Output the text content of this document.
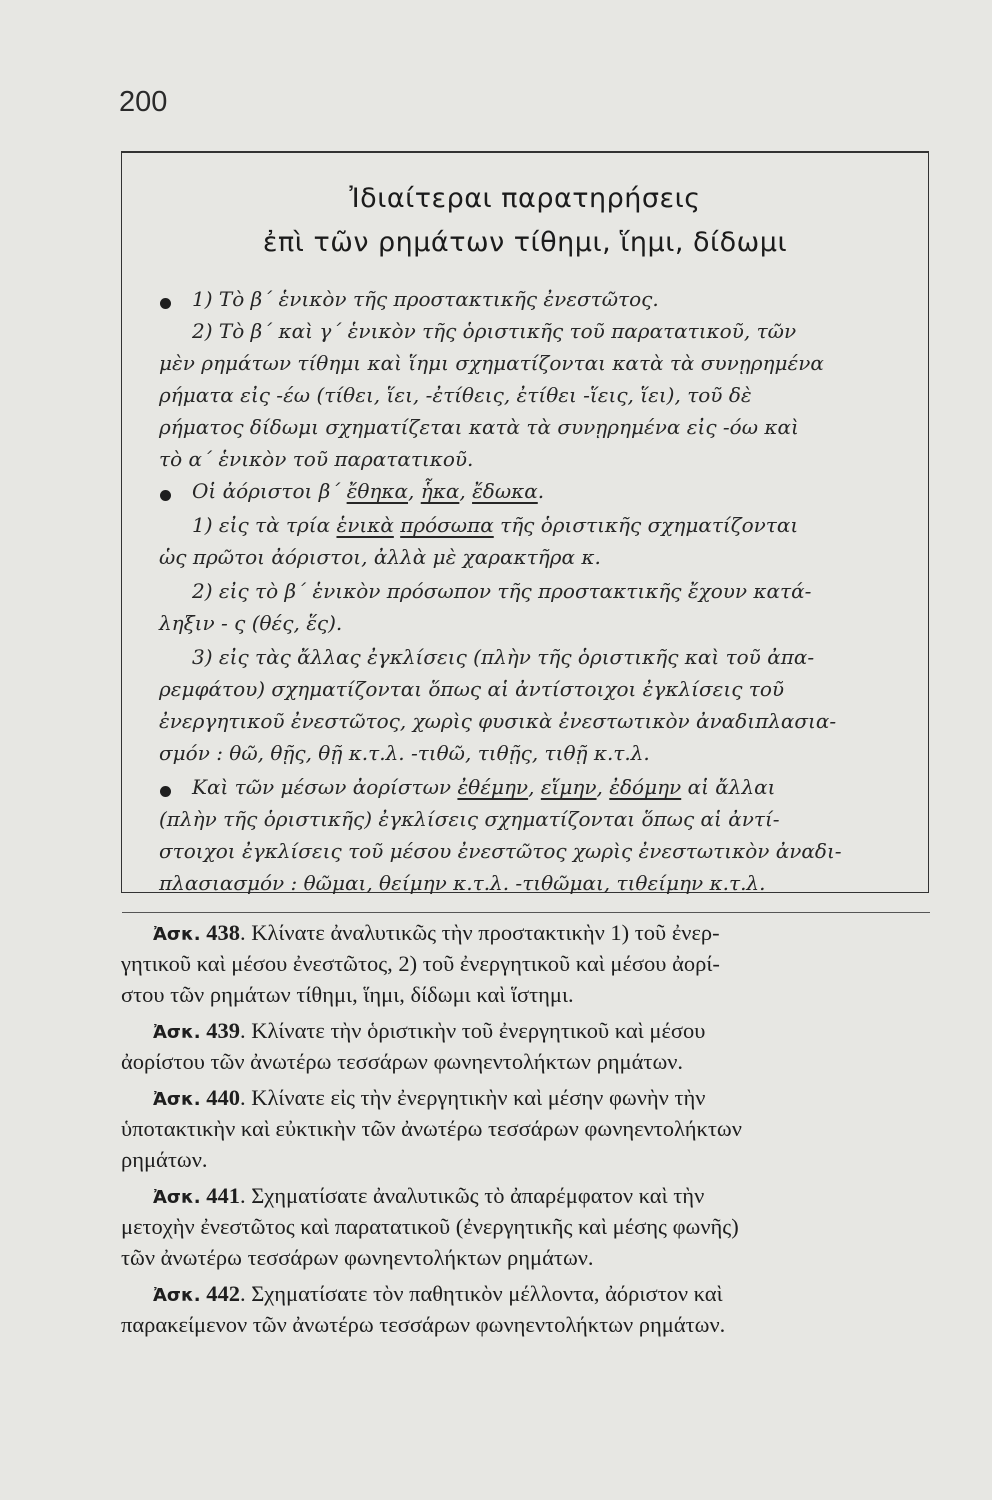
200
Ἰδιαίτεραι παρατηρήσεις
ἐπὶ τῶν ρημάτων τίθημι, ἵημι, δίδωμι
1) Τὸ β΄ ἑνικὸν τῆς προστακτικῆς ἐνεστῶτος.
2) Τὸ β΄ καὶ γ΄ ἑνικὸν τῆς ὁριστικῆς τοῦ παρατατικοῦ, τῶν
μὲν ρημάτων τίθημι καὶ ἵημι σχηματίζονται κατὰ τὰ συνῃρημένα
ρήματα εἰς -έω (τίθει, ἵει, -ἐτίθεις, ἐτίθει -ἵεις, ἵει), τοῦ δὲ
ρήματος δίδωμι σχηματίζεται κατὰ τὰ συνῃρημένα εἰς -όω καὶ
τὸ α΄ ἑνικὸν τοῦ παρατατικοῦ.
Οἱ ἀόριστοι β΄ ἔθηκα, ἧκα, ἔδωκα.
1) εἰς τὰ τρία ἑνικὰ πρόσωπα τῆς ὁριστικῆς σχηματίζονται
ὡς πρῶτοι ἀόριστοι, ἀλλὰ μὲ χαρακτῆρα κ.
2) εἰς τὸ β΄ ἑνικὸν πρόσωπον τῆς προστακτικῆς ἔχουν κατά-
ληξιν - ς (θές, ἕς).
3) εἰς τὰς ἄλλας ἐγκλίσεις (πλὴν τῆς ὁριστικῆς καὶ τοῦ ἀπα-
ρεμφάτου) σχηματίζονται ὅπως αἱ ἀντίστοιχοι ἐγκλίσεις τοῦ
ἐνεργητικοῦ ἐνεστῶτος, χωρὶς φυσικὰ ἐνεστωτικὸν ἀναδιπλασια-
σμόν : θῶ, θῇς, θῇ κ.τ.λ. -τιθῶ, τιθῇς, τιθῇ κ.τ.λ.
Καὶ τῶν μέσων ἀορίστων ἐθέμην, εἵμην, ἐδόμην αἱ ἄλλαι
(πλὴν τῆς ὁριστικῆς) ἐγκλίσεις σχηματίζονται ὅπως αἱ ἀντί-
στοιχοι ἐγκλίσεις τοῦ μέσου ἐνεστῶτος χωρὶς ἐνεστωτικὸν ἀναδι-
πλασιασμόν : θῶμαι, θείμην κ.τ.λ. -τιθῶμαι, τιθείμην κ.τ.λ.
Ἀσκ. 438. Κλίνατε ἀναλυτικῶς τὴν προστακτικὴν 1) τοῦ ἐνερ-
γητικοῦ καὶ μέσου ἐνεστῶτος, 2) τοῦ ἐνεργητικοῦ καὶ μέσου ἀορί-
στου τῶν ρημάτων τίθημι, ἵημι, δίδωμι καὶ ἵστημι.
Ἀσκ. 439. Κλίνατε τὴν ὁριστικὴν τοῦ ἐνεργητικοῦ καὶ μέσου
ἀορίστου τῶν ἀνωτέρω τεσσάρων φωνηεντολήκτων ρημάτων.
Ἀσκ. 440. Κλίνατε εἰς τὴν ἐνεργητικὴν καὶ μέσην φωνὴν τὴν
ὑποτακτικὴν καὶ εὐκτικὴν τῶν ἀνωτέρω τεσσάρων φωνηεντολήκτων
ρημάτων.
Ἀσκ. 441. Σχηματίσατε ἀναλυτικῶς τὸ ἀπαρέμφατον καὶ τὴν
μετοχὴν ἐνεστῶτος καὶ παρατατικοῦ (ἐνεργητικῆς καὶ μέσης φωνῆς)
τῶν ἀνωτέρω τεσσάρων φωνηεντολήκτων ρημάτων.
Ἀσκ. 442. Σχηματίσατε τὸν παθητικὸν μέλλοντα, ἀόριστον καὶ
παρακείμενον τῶν ἀνωτέρω τεσσάρων φωνηεντολήκτων ρημάτων.
